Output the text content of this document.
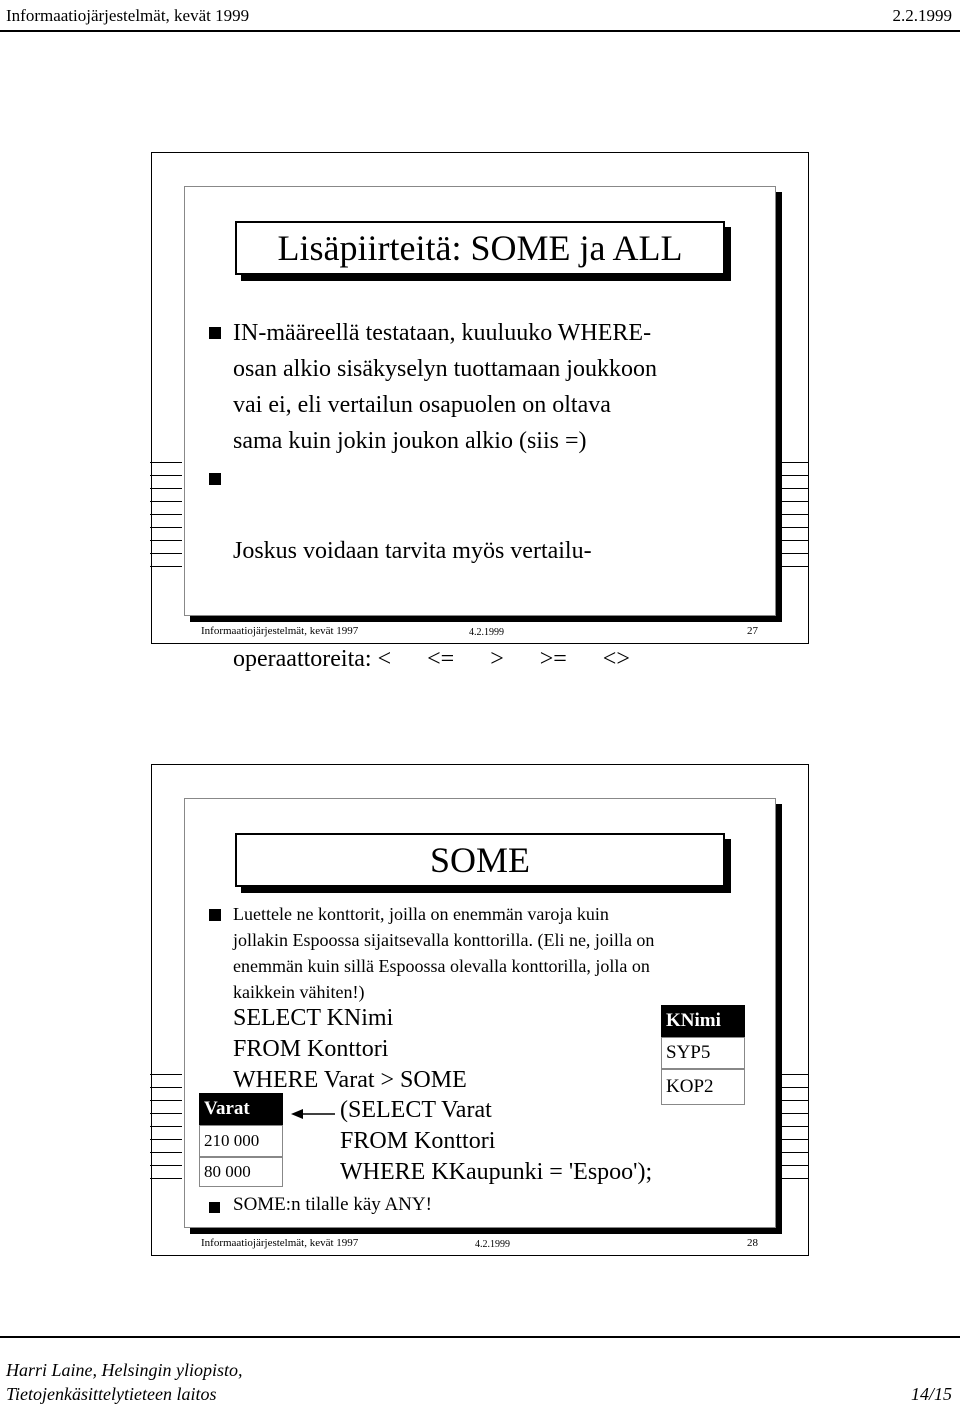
Informaatiojärjestelmät, kevät 1999	2.2.1999
Lisäpiirteitä: SOME ja ALL
IN-määreellä testataan, kuuluuko WHERE-
osan alkio sisäkyselyn tuottamaan joukkoon
vai ei, eli vertailun osapuolen on oltava
sama kuin jokin joukon alkio (siis =)

Joskus voidaan tarvita myös vertailu-

operaattoreita: <      <=      >      >=      <>

Informaatiojärjestelmät, kevät 1997	4.2.1999	27
SOME
Luettele ne konttorit, joilla on enemmän varoja kuin
jollakin Espoossa sijaitsevalla konttorilla. (Eli ne, joilla on
enemmän kuin sillä Espoossa olevalla konttorilla, jolla on
kaikkein vähiten!)
SELECT KNimi
FROM Konttori
WHERE Varat > SOME
(SELECT Varat
FROM Konttori
WHERE KKaupunki = 'Espoo');
KNimi
SYP5
KOP2
Varat
210 000
80 000
SOME:n tilalle käy ANY!
Informaatiojärjestelmät, kevät 1997	4.2.1999	28
Harri Laine, Helsingin yliopisto,
Tietojenkäsittelytieteen laitos	14/15
